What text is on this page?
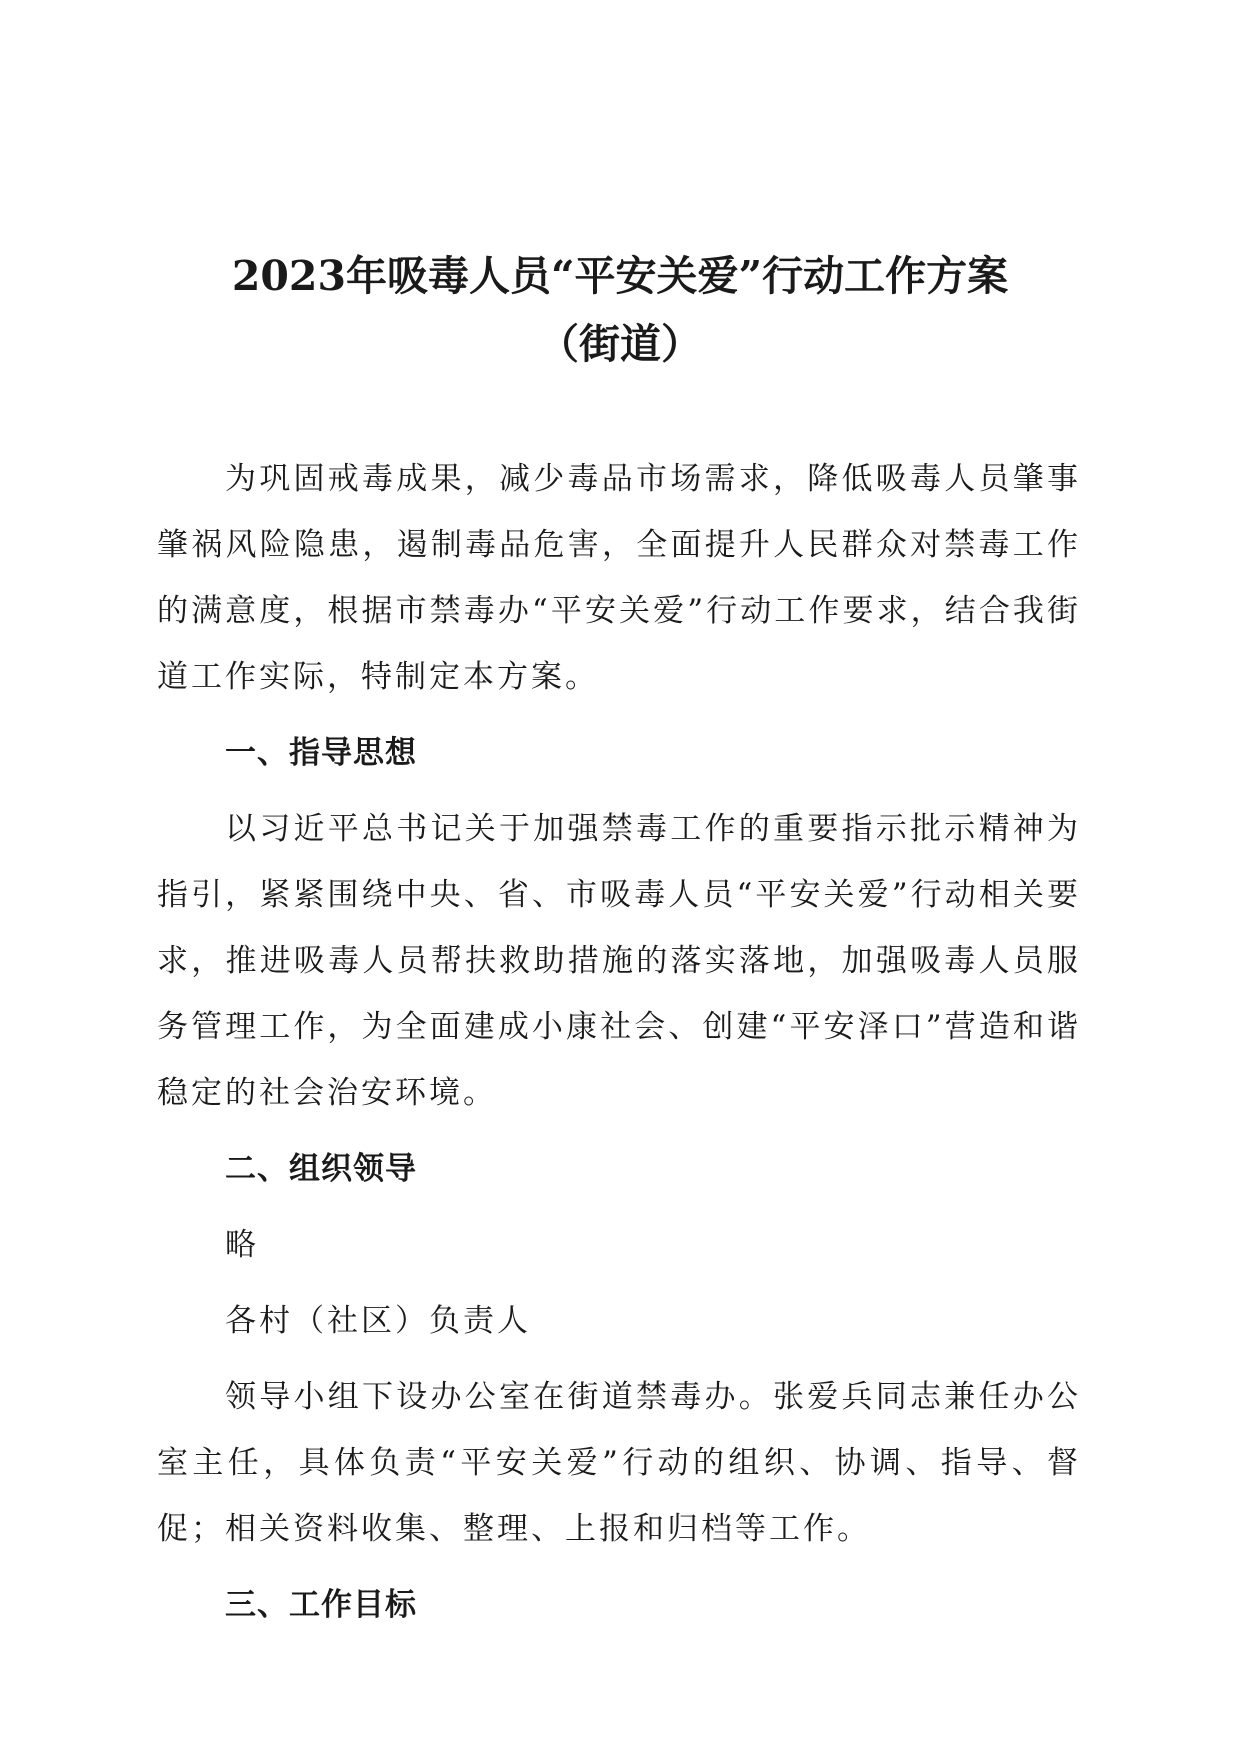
2023年吸毒人员“平安关爱”行动工作方案
（街道）

为巩固戒毒成果，减少毒品市场需求，降低吸毒人员肇事肇祸风险隐患，遏制毒品危害，全面提升人民群众对禁毒工作的满意度，根据市禁毒办“平安关爱”行动工作要求，结合我街道工作实际，特制定本方案。

一、指导思想

以习近平总书记关于加强禁毒工作的重要指示批示精神为指引，紧紧围绕中央、省、市吸毒人员“平安关爱”行动相关要求，推进吸毒人员帮扶救助措施的落实落地，加强吸毒人员服务管理工作，为全面建成小康社会、创建“平安泽口”营造和谐稳定的社会治安环境。

二、组织领导

略

各村（社区）负责人

领导小组下设办公室在街道禁毒办。张爱兵同志兼任办公室主任，具体负责“平安关爱”行动的组织、协调、指导、督促；相关资料收集、整理、上报和归档等工作。

三、工作目标
